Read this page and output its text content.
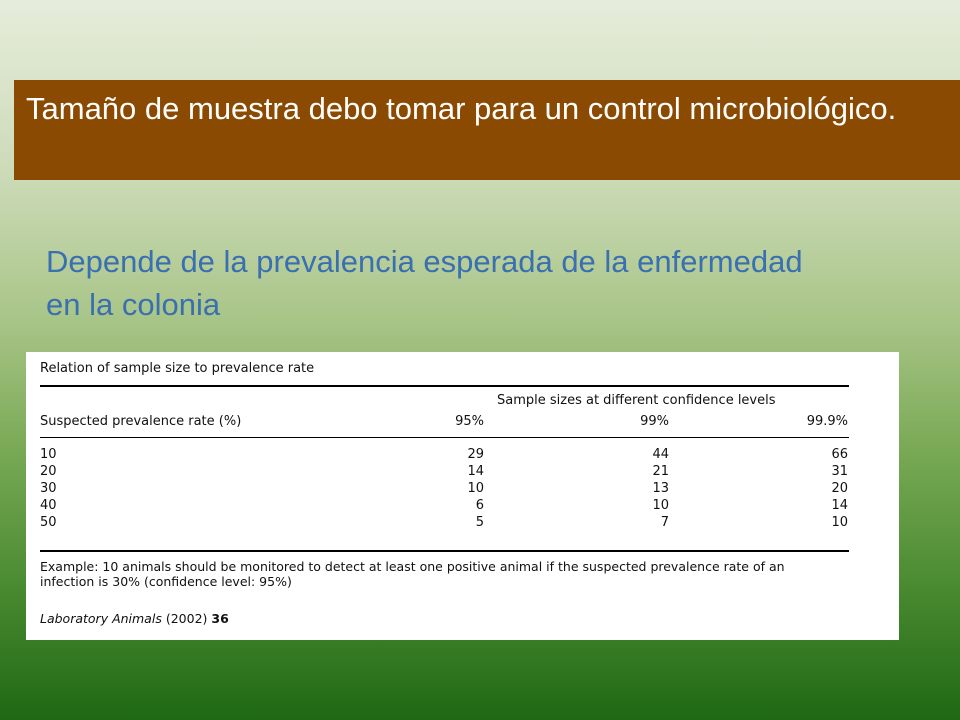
Tamaño de muestra debo tomar para un control microbiológico.
Depende de la prevalencia esperada de la enfermedad en la colonia
Relation of sample size to prevalence rate
Sample sizes at different confidence levels
Suspected prevalence rate (%)	95%	99%	99.9%
10	29	44	66
20	14	21	31
30	10	13	20
40	6	10	14
50	5	7	10
Example: 10 animals should be monitored to detect at least one positive animal if the suspected prevalence rate of an infection is 30% (confidence level: 95%)
Laboratory Animals (2002) 36
